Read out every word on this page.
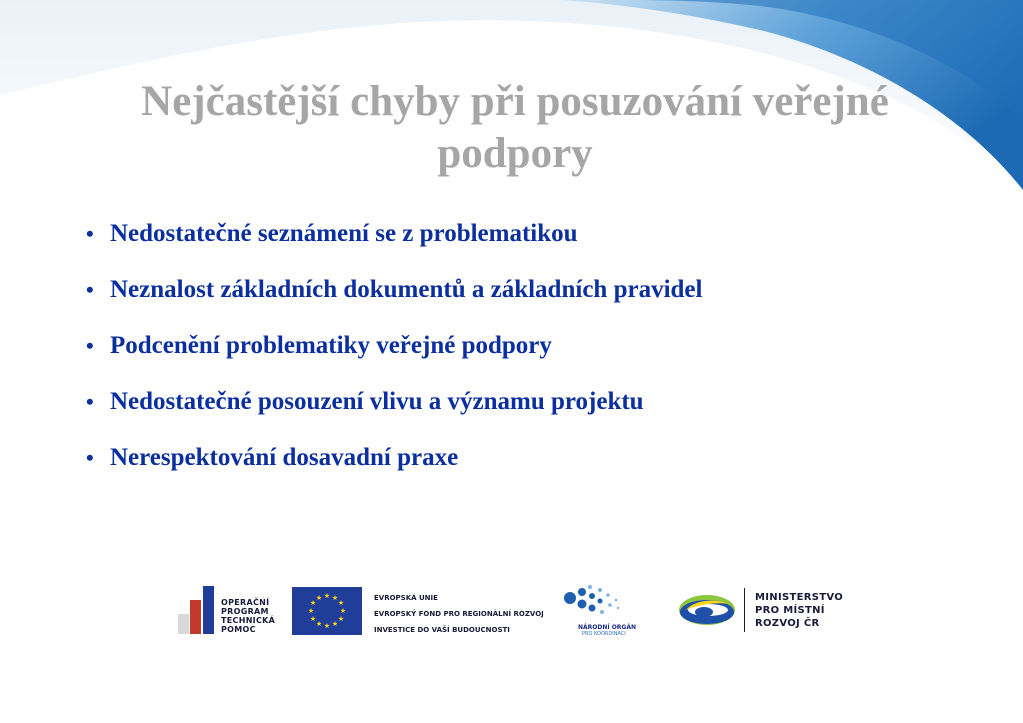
Nejčastější chyby při posuzování veřejné
podpory
• Nedostatečné seznámení se z problematikou
• Neznalost základních dokumentů a základních pravidel
• Podcenění problematiky veřejné podpory
• Nedostatečné posouzení vlivu a významu projektu
• Nerespektování dosavadní praxe
OPERAČNÍ
PROGRAM
TECHNICKÁ
POMOC
★ ★
★
★
★
★
★
★
★
★
★
★	EVROPSKÁ UNIE
EVROPSKÝ FOND PRO REGIONÁLNÍ ROZVOJ
INVESTICE DO VAŠÍ BUDOUCNOSTI	NÁRODNÍ ORGÁN
PRO KOORDINACI
MINISTERSTVO
PRO MÍSTNÍ
ROZVOJ ČR
